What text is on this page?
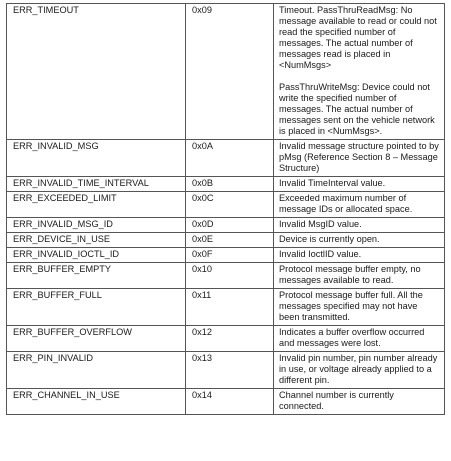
ERR_TIMEOUT	0x09	Timeout. PassThruReadMsg: No message available to read or could not read the specified number of messages. The actual number of messages read is placed in <NumMsgs>
PassThruWriteMsg: Device could not write the specified number of messages. The actual number of messages sent on the vehicle network is placed in <NumMsgs>.

ERR_INVALID_MSG	0x0A	Invalid message structure pointed to by pMsg (Reference Section 8 – Message Structure)

ERR_INVALID_TIME_INTERVAL	0x0B	Invalid TimeInterval value.

ERR_EXCEEDED_LIMIT	0x0C	Exceeded maximum number of message IDs or allocated space.

ERR_INVALID_MSG_ID	0x0D	Invalid MsgID value.

ERR_DEVICE_IN_USE	0x0E	Device is currently open.

ERR_INVALID_IOCTL_ID	0x0F	Invalid IoctlID value.

ERR_BUFFER_EMPTY	0x10	Protocol message buffer empty, no messages available to read.

ERR_BUFFER_FULL	0x11	Protocol message buffer full. All the messages specified may not have been transmitted.

ERR_BUFFER_OVERFLOW	0x12	Indicates a buffer overflow occurred and messages were lost.

ERR_PIN_INVALID	0x13	Invalid pin number, pin number already in use, or voltage already applied to a different pin.

ERR_CHANNEL_IN_USE	0x14	Channel number is currently connected.
